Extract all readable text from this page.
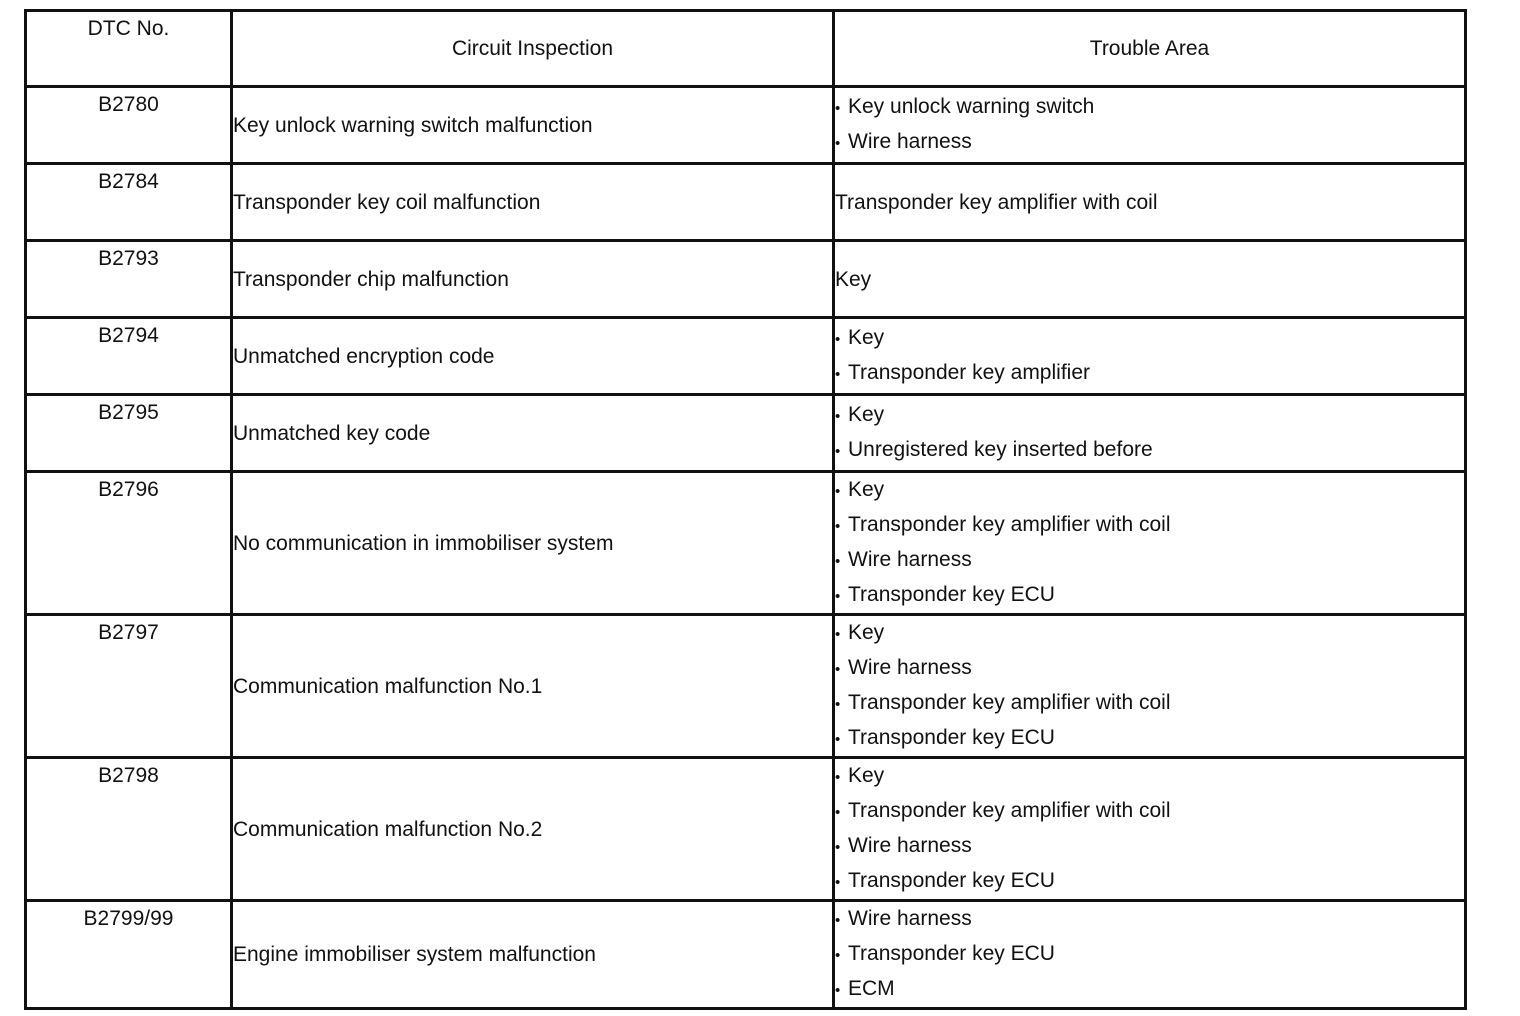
DTC No.	Circuit Inspection	Trouble Area
B2780	Key unlock warning switch malfunction	• Key unlock warning switch
• Wire harness

B2784	Transponder key coil malfunction	Transponder key amplifier with coil

B2793	Transponder chip malfunction	Key

B2794	Unmatched encryption code	• Key
• Transponder key amplifier

B2795	Unmatched key code	• Key
• Unregistered key inserted before

B2796	No communication in immobiliser system	• Key
• Transponder key amplifier with coil
• Wire harness
• Transponder key ECU

B2797	Communication malfunction No.1	• Key
• Wire harness
• Transponder key amplifier with coil
• Transponder key ECU

B2798	Communication malfunction No.2	• Key
• Transponder key amplifier with coil
• Wire harness
• Transponder key ECU

B2799/99	Engine immobiliser system malfunction	• Wire harness
• Transponder key ECU
• ECM
